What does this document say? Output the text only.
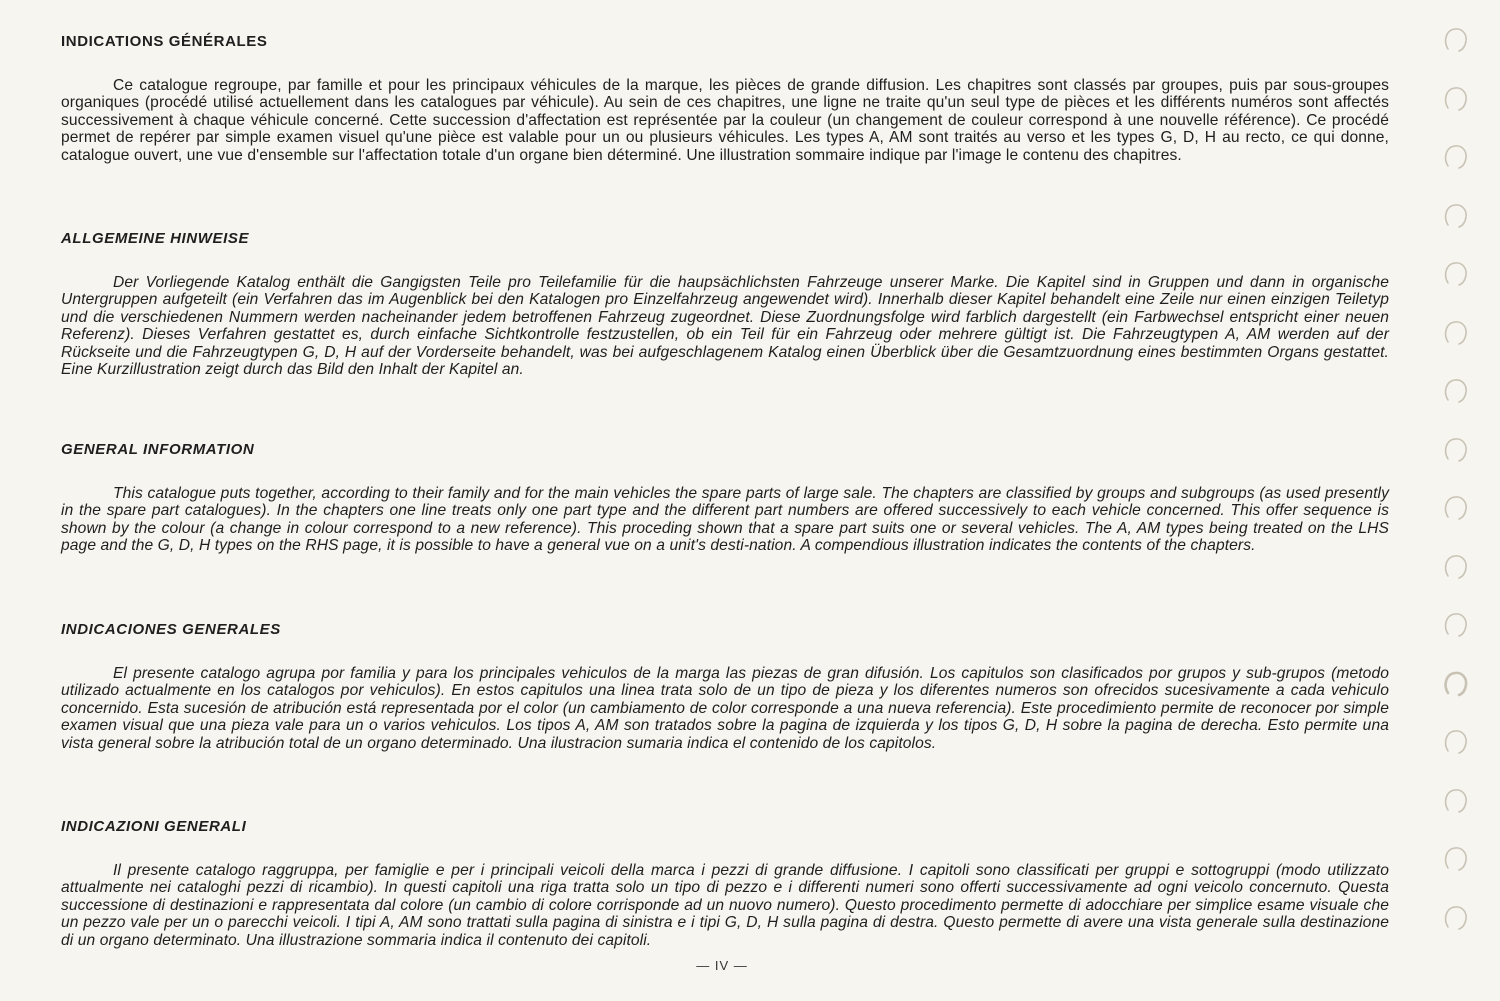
INDICATIONS GÉNÉRALES

Ce catalogue regroupe, par famille et pour les principaux véhicules de la marque, les pièces de grande diffusion. Les chapitres sont classés par groupes, puis par sous-groupes organiques (procédé utilisé actuellement dans les catalogues par véhicule). Au sein de ces chapitres, une ligne ne traite qu'un seul type de pièces et les différents numéros sont affectés successivement à chaque véhicule concerné. Cette succession d'affectation est représentée par la couleur (un changement de couleur correspond à une nouvelle référence). Ce procédé permet de repérer par simple examen visuel qu'une pièce est valable pour un ou plusieurs véhicules. Les types A, AM sont traités au verso et les types G, D, H au recto, ce qui donne, catalogue ouvert, une vue d'ensemble sur l'affectation totale d'un organe bien déterminé. Une illustration sommaire indique par l'image le contenu des chapitres.

ALLGEMEINE HINWEISE

Der Vorliegende Katalog enthält die Gangigsten Teile pro Teilefamilie für die haupsächlichsten Fahrzeuge unserer Marke. Die Kapitel sind in Gruppen und dann in organische Untergruppen aufgeteilt (ein Verfahren das im Augenblick bei den Katalogen pro Einzelfahrzeug angewendet wird). Innerhalb dieser Kapitel behandelt eine Zeile nur einen einzigen Teiletyp und die verschiedenen Nummern werden nacheinander jedem betroffenen Fahrzeug zugeordnet. Diese Zuordnungsfolge wird farblich dargestellt (ein Farbwechsel entspricht einer neuen Referenz). Dieses Verfahren gestattet es, durch einfache Sichtkontrolle festzustellen, ob ein Teil für ein Fahrzeug oder mehrere gültigt ist. Die Fahrzeugtypen A, AM werden auf der Rückseite und die Fahrzeugtypen G, D, H auf der Vorderseite behandelt, was bei aufgeschlagenem Katalog einen Überblick über die Gesamtzuordnung eines bestimmten Organs gestattet. Eine Kurzillustration zeigt durch das Bild den Inhalt der Kapitel an.

GENERAL INFORMATION

This catalogue puts together, according to their family and for the main vehicles the spare parts of large sale. The chapters are classified by groups and subgroups (as used presently in the spare part catalogues). In the chapters one line treats only one part type and the different part numbers are offered successively to each vehicle concerned. This offer sequence is shown by the colour (a change in colour correspond to a new reference). This proceding shown that a spare part suits one or several vehicles. The A, AM types being treated on the LHS page and the G, D, H types on the RHS page, it is possible to have a general vue on a unit's desti-nation. A compendious illustration indicates the contents of the chapters.

INDICACIONES GENERALES

El presente catalogo agrupa por familia y para los principales vehiculos de la marga las piezas de gran difusión. Los capitulos son clasificados por grupos y sub-grupos (metodo utilizado actualmente en los catalogos por vehiculos). En estos capitulos una linea trata solo de un tipo de pieza y los diferentes numeros son ofrecidos sucesivamente a cada vehiculo concernido. Esta sucesión de atribución está representada por el color (un cambiamento de color corresponde a una nueva referencia). Este procedimiento permite de reconocer por simple examen visual que una pieza vale para un o varios vehiculos. Los tipos A, AM son tratados sobre la pagina de izquierda y los tipos G, D, H sobre la pagina de derecha. Esto permite una vista general sobre la atribución total de un organo determinado. Una ilustracion sumaria indica el contenido de los capitolos.

INDICAZIONI GENERALI

Il presente catalogo raggruppa, per famiglie e per i principali veicoli della marca i pezzi di grande diffusione. I capitoli sono classificati per gruppi e sottogruppi (modo utilizzato attualmente nei cataloghi pezzi di ricambio). In questi capitoli una riga tratta solo un tipo di pezzo e i differenti numeri sono offerti successivamente ad ogni veicolo concernuto. Questa successione di destinazioni e rappresentata dal colore (un cambio di colore corrisponde ad un nuovo numero). Questo procedimento permette di adocchiare per simplice esame visuale che un pezzo vale per un o parecchi veicoli. I tipi A, AM sono trattati sulla pagina di sinistra e i tipi G, D, H sulla pagina di destra. Questo permette di avere una vista generale sulla destinazione di un organo determinato. Una illustrazione sommaria indica il contenuto dei capitoli.

— IV —
